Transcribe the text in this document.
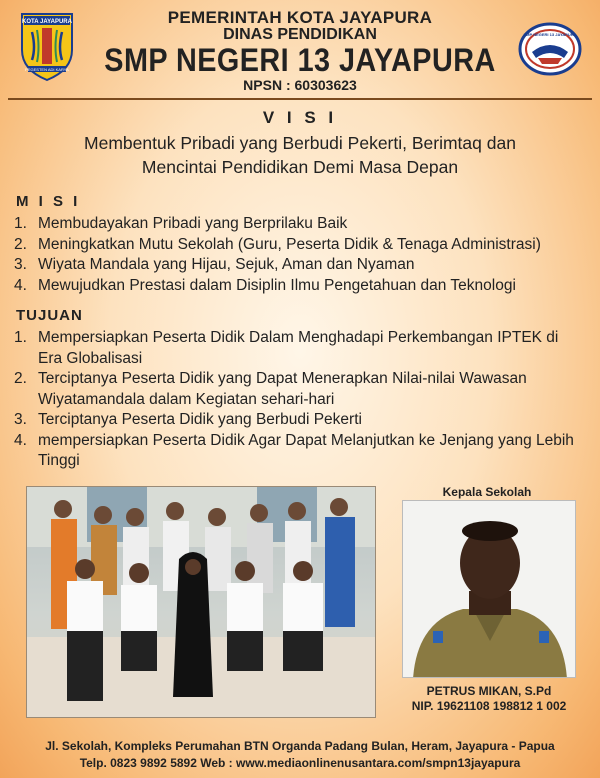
KOTA JAYAPURA
PEGESTEN ADI KARYA
PEMERINTAH KOTA JAYAPURA
DINAS PENDIDIKAN
SMP NEGERI 13 JAYAPURA
NPSN : 60303623
SMP NEGERI 13 JAYAPURA
V I S I
Membentuk Pribadi yang Berbudi Pekerti, Berimtaq dan
Mencintai Pendidikan Demi Masa Depan
M I S I
1. Membudayakan Pribadi yang Berprilaku Baik
2. Meningkatkan Mutu Sekolah (Guru, Peserta Didik & Tenaga Administrasi)
3. Wiyata Mandala yang Hijau, Sejuk, Aman dan Nyaman
4. Mewujudkan Prestasi dalam Disiplin Ilmu Pengetahuan dan Teknologi
TUJUAN
1. Mempersiapkan Peserta Didik Dalam Menghadapi Perkembangan IPTEK di Era Globalisasi
2. Terciptanya Peserta Didik yang Dapat Menerapkan Nilai-nilai Wawasan Wiyatamandala dalam Kegiatan sehari-hari
3. Terciptanya Peserta Didik yang Berbudi Pekerti
4. mempersiapkan Peserta Didik Agar Dapat Melanjutkan ke Jenjang yang Lebih Tinggi
Kepala Sekolah
PETRUS MIKAN, S.Pd
NIP. 19621108 198812 1 002
Jl. Sekolah, Kompleks Perumahan BTN Organda Padang Bulan, Heram, Jayapura - Papua
Telp. 0823 9892 5892 Web : www.mediaonlinenusantara.com/smpn13jayapura
